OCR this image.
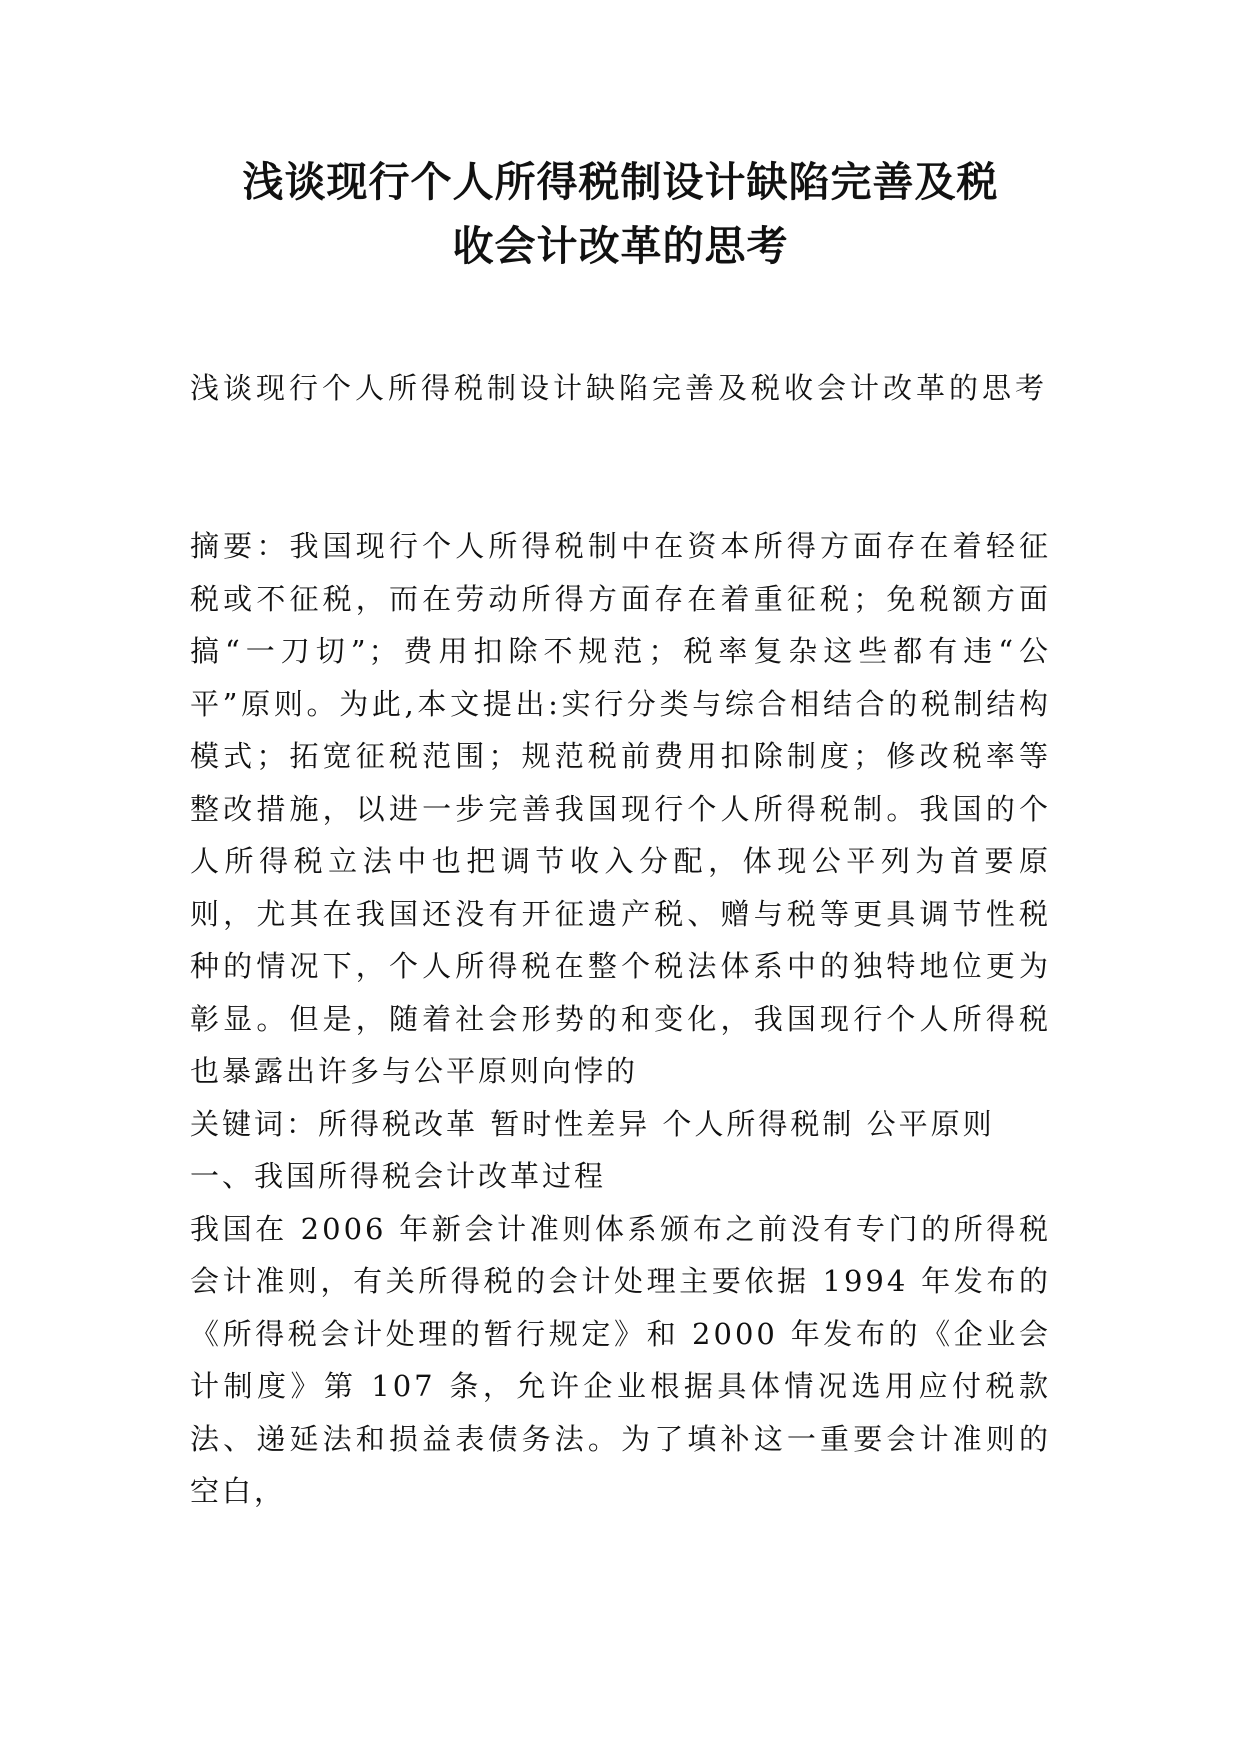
浅谈现行个人所得税制设计缺陷完善及税
收会计改革的思考

浅谈现行个人所得税制设计缺陷完善及税收会计改革的思考

摘要：我国现行个人所得税制中在资本所得方面存在着轻征税或不征税，而在劳动所得方面存在着重征税；免税额方面搞“一刀切”；费用扣除不规范；税率复杂这些都有违“公平”原则。为此,本文提出:实行分类与综合相结合的税制结构模式；拓宽征税范围；规范税前费用扣除制度；修改税率等整改措施，以进一步完善我国现行个人所得税制。我国的个人所得税立法中也把调节收入分配，体现公平列为首要原则，尤其在我国还没有开征遗产税、赠与税等更具调节性税种的情况下，个人所得税在整个税法体系中的独特地位更为彰显。但是，随着社会形势的和变化，我国现行个人所得税也暴露出许多与公平原则向悖的

关键词：所得税改革 暂时性差异 个人所得税制 公平原则

一、我国所得税会计改革过程

我国在 2006 年新会计准则体系颁布之前没有专门的所得税会计准则，有关所得税的会计处理主要依据 1994 年发布的《所得税会计处理的暂行规定》和 2000 年发布的《企业会计制度》第 107 条，允许企业根据具体情况选用应付税款法、递延法和损益表债务法。为了填补这一重要会计准则的空白，
